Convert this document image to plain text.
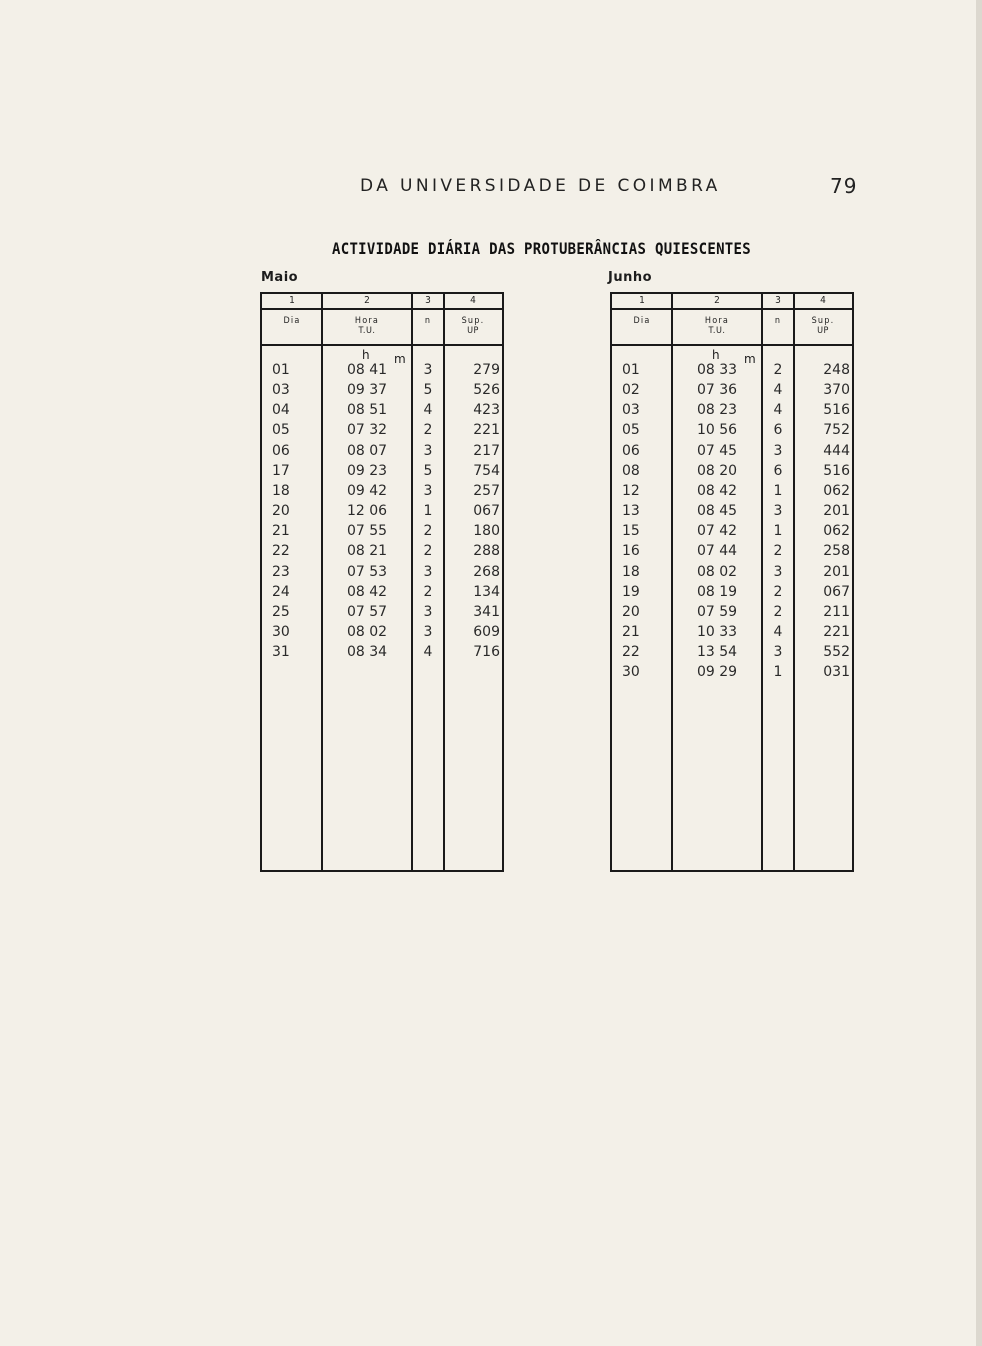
DA UNIVERSIDADE DE COIMBRA	79
ACTIVIDADE DIÁRIA DAS PROTUBERÂNCIAS QUIESCENTES
Maio	Junho
1
Dia
2
Hora
T.U.
3
n
4
Sup.
UP
h m
01	08 41	3	279
03	09 37	5	526
04	08 51	4	423
05	07 32	2	221
06	08 07	3	217
17	09 23	5	754
18	09 42	3	257
20	12 06	1	067
21	07 55	2	180
22	08 21	2	288
23	07 53	3	268
24	08 42	2	134
25	07 57	3	341
30	08 02	3	609
31	08 34	4	716
1
Dia
2
Hora
T.U.
3
n
4
Sup.
UP
h m
01	08 33	2	248
02	07 36	4	370
03	08 23	4	516
05	10 56	6	752
06	07 45	3	444
08	08 20	6	516
12	08 42	1	062
13	08 45	3	201
15	07 42	1	062
16	07 44	2	258
18	08 02	3	201
19	08 19	2	067
20	07 59	2	211
21	10 33	4	221
22	13 54	3	552
30	09 29	1	031
